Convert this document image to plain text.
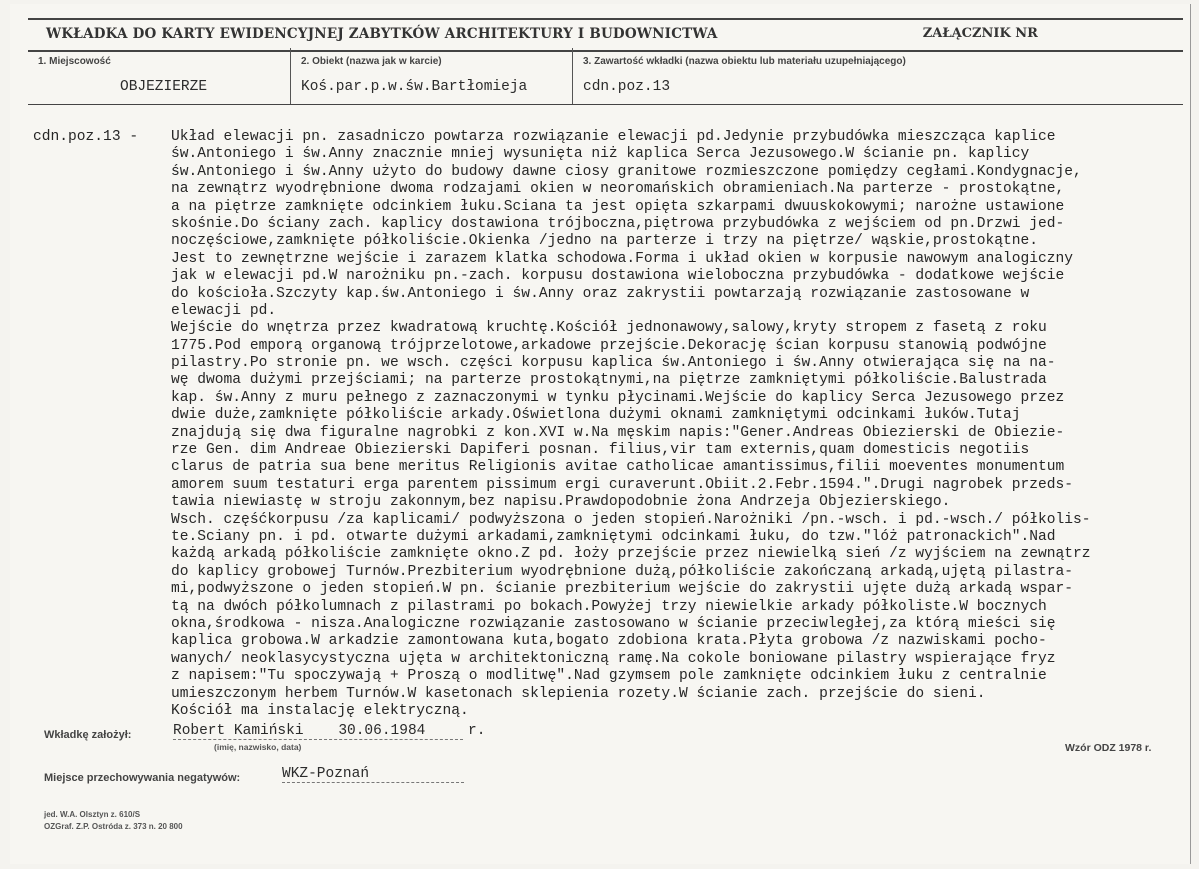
WKŁADKA DO KARTY EWIDENCYJNEJ ZABYTKÓW ARCHITEKTURY I BUDOWNICTWA	ZAŁĄCZNIK NR
1. Miejscowość
OBJEZIERZE
2. Obiekt (nazwa jak w karcie)
Koś.par.p.w.św.Bartłomieja
3. Zawartość wkładki (nazwa obiektu lub materiału uzupełniającego)
cdn.poz.13
cdn.poz.13 - Układ elewacji pn. zasadniczo powtarza rozwiązanie elewacji pd.Jedynie przybudówka mieszcząca kaplice
św.Antoniego i św.Anny znacznie mniej wysunięta niż kaplica Serca Jezusowego.W ścianie pn. kaplicy
św.Antoniego i św.Anny użyto do budowy dawne ciosy granitowe rozmieszczone pomiędzy cegłami.Kondygnacje,
na zewnątrz wyodrębnione dwoma rodzajami okien w neoromańskich obramieniach.Na parterze - prostokątne,
a na piętrze zamknięte odcinkiem łuku.Sciana ta jest opięta szkarpami dwuuskokowymi; narożne ustawione
skośnie.Do ściany zach. kaplicy dostawiona trójboczna,piętrowa przybudówka z wejściem od pn.Drzwi jed-
noczęściowe,zamknięte półkoliście.Okienka /jedno na parterze i trzy na piętrze/ wąskie,prostokątne.
Jest to zewnętrzne wejście i zarazem klatka schodowa.Forma i układ okien w korpusie nawowym analogiczny
jak w elewacji pd.W narożniku pn.-zach. korpusu dostawiona wieloboczna przybudówka - dodatkowe wejście
do kościoła.Szczyty kap.św.Antoniego i św.Anny oraz zakrystii powtarzają rozwiązanie zastosowane w
elewacji pd.
Wejście do wnętrza przez kwadratową kruchtę.Kościół jednonawowy,salowy,kryty stropem z fasetą z roku
1775.Pod emporą organową trójprzelotowe,arkadowe przejście.Dekorację ścian korpusu stanowią podwójne
pilastry.Po stronie pn. we wsch. części korpusu kaplica św.Antoniego i św.Anny otwierająca się na na-
wę dwoma dużymi przejściami; na parterze prostokątnymi,na piętrze zamkniętymi półkoliście.Balustrada
kap. św.Anny z muru pełnego z zaznaczonymi w tynku płycinami.Wejście do kaplicy Serca Jezusowego przez
dwie duże,zamknięte półkoliście arkady.Oświetlona dużymi oknami zamkniętymi odcinkami łuków.Tutaj
znajdują się dwa figuralne nagrobki z kon.XVI w.Na męskim napis:"Gener.Andreas Obiezierski de Obiezie-
rze Gen. dim Andreae Obiezierski Dapiferi posnan. filius,vir tam externis,quam domesticis negotiis
clarus de patria sua bene meritus Religionis avitae catholicae amantissimus,filii moeventes monumentum
amorem suum testaturi erga parentem pissimum ergi curaverunt.Obiit.2.Febr.1594.".Drugi nagrobek przeds-
tawia niewiastę w stroju zakonnym,bez napisu.Prawdopodobnie żona Andrzeja Objezierskiego.
Wsch. częśćkorpusu /za kaplicami/ podwyższona o jeden stopień.Narożniki /pn.-wsch. i pd.-wsch./ półkolis-
te.Sciany pn. i pd. otwarte dużymi arkadami,zamkniętymi odcinkami łuku, do tzw."lóż patronackich".Nad
każdą arkadą półkoliście zamknięte okno.Z pd. łoży przejście przez niewielką sień /z wyjściem na zewnątrz
do kaplicy grobowej Turnów.Prezbiterium wyodrębnione dużą,półkoliście zakończaną arkadą,ujętą pilastra-
mi,podwyższone o jeden stopień.W pn. ścianie prezbiterium wejście do zakrystii ujęte dużą arkadą wspar-
tą na dwóch półkolumnach z pilastrami po bokach.Powyżej trzy niewielkie arkady półkoliste.W bocznych
okna,środkowa - nisza.Analogiczne rozwiązanie zastosowano w ścianie przeciwległej,za którą mieści się
kaplica grobowa.W arkadzie zamontowana kuta,bogato zdobiona krata.Płyta grobowa /z nazwiskami pocho-
wanych/ neoklasycystyczna ujęta w architektoniczną ramę.Na cokole boniowane pilastry wspierające fryz
z napisem:"Tu spoczywają + Proszą o modlitwę".Nad gzymsem pole zamknięte odcinkiem łuku z centralnie
umieszczonym herbem Turnów.W kasetonach sklepienia rozety.W ścianie zach. przejście do sieni.
Kościół ma instalację elektryczną.
Wkładkę założył:	Robert Kamiński    30.06.1984	r.
(imię, nazwisko, data)	Wzór ODZ 1978 r.
Miejsce przechowywania negatywów:	WKZ-Poznań
jed. W.A. Olsztyn z. 610/S
OZGraf. Z.P. Ostróda z. 373 n. 20 800
